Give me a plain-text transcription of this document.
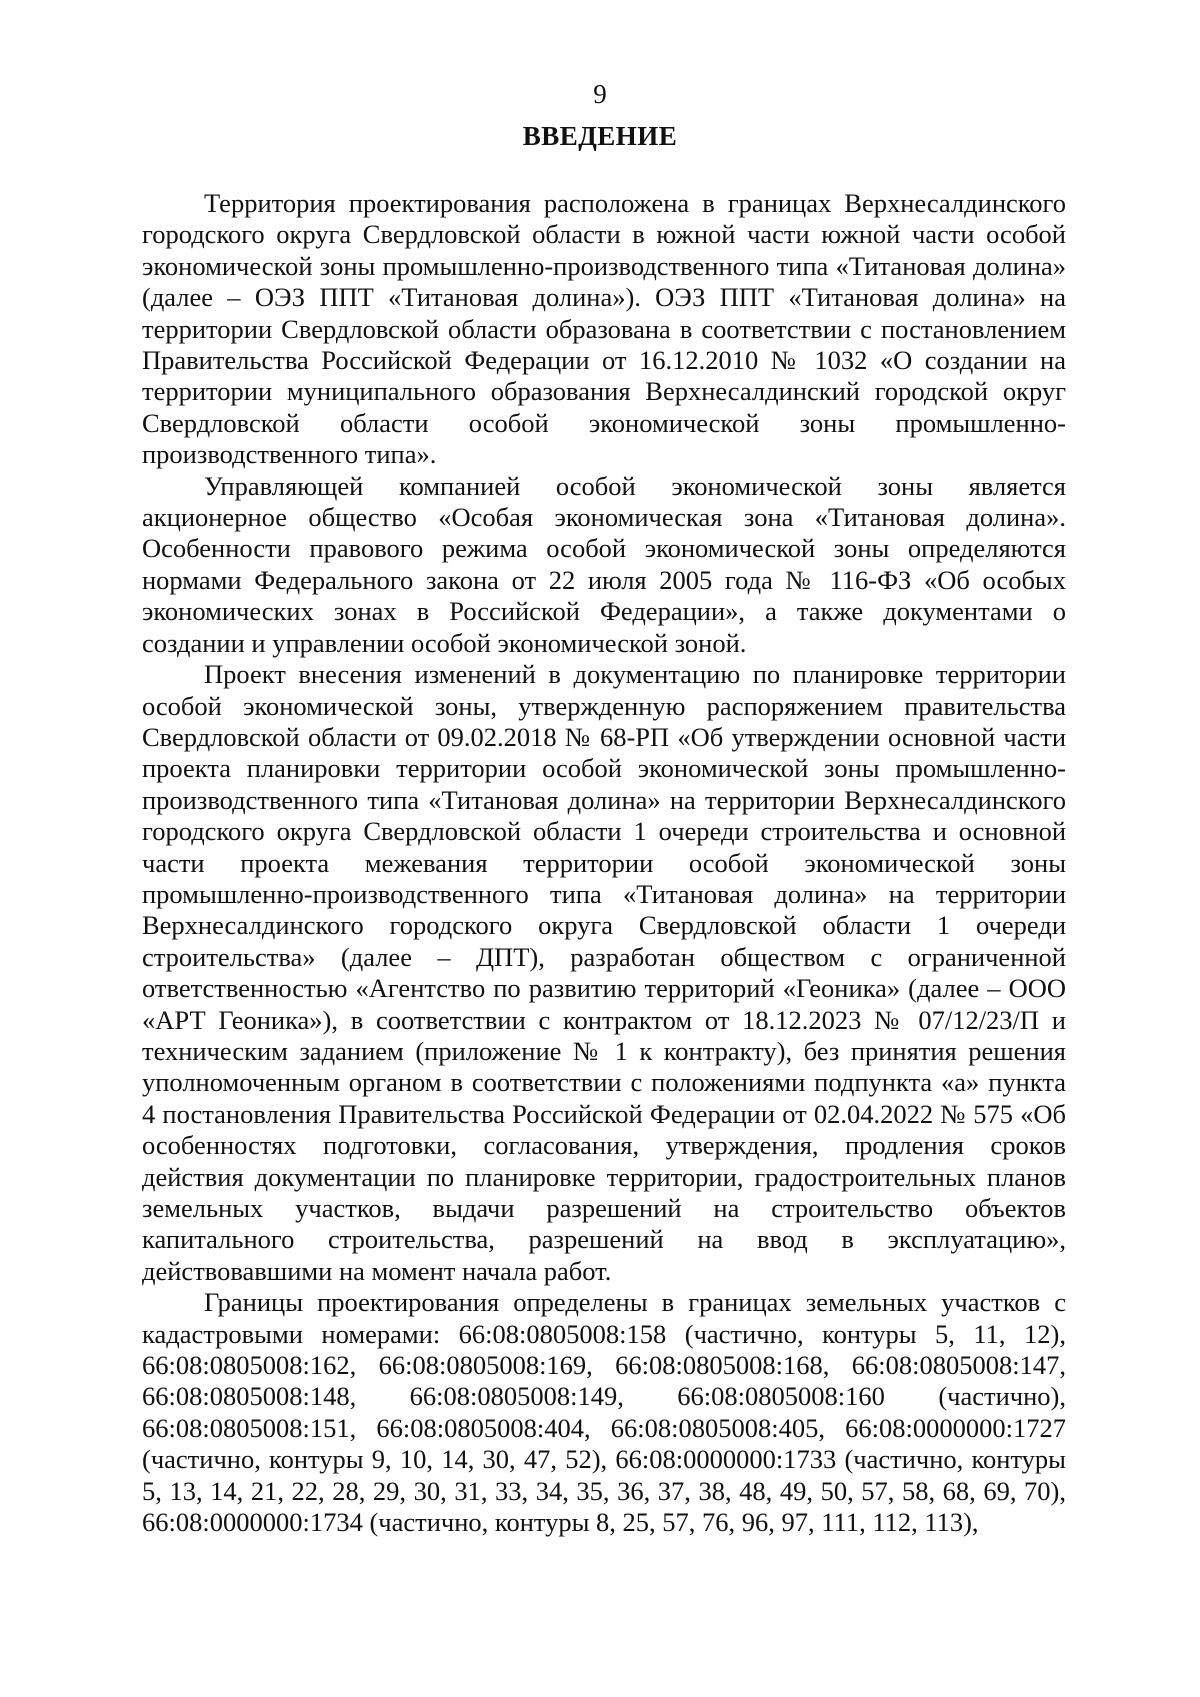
9
ВВЕДЕНИЕ

Территория проектирования расположена в границах Верхнесалдинского городского округа Свердловской области в южной части южной части особой экономической зоны промышленно-производственного типа «Титановая долина» (далее – ОЭЗ ППТ «Титановая долина»). ОЭЗ ППТ «Титановая долина» на территории Свердловской области образована в соответствии с постановлением Правительства Российской Федерации от 16.12.2010 № 1032 «О создании на территории муниципального образования Верхнесалдинский городской округ Свердловской области особой экономической зоны промышленно-производственного типа».

Управляющей компанией особой экономической зоны является акционерное общество «Особая экономическая зона «Титановая долина». Особенности правового режима особой экономической зоны определяются нормами Федерального закона от 22 июля 2005 года № 116-ФЗ «Об особых экономических зонах в Российской Федерации», а также документами о создании и управлении особой экономической зоной.

Проект внесения изменений в документацию по планировке территории особой экономической зоны, утвержденную распоряжением правительства Свердловской области от 09.02.2018 № 68-РП «Об утверждении основной части проекта планировки территории особой экономической зоны промышленно-производственного типа «Титановая долина» на территории Верхнесалдинского городского округа Свердловской области 1 очереди строительства и основной части проекта межевания территории особой экономической зоны промышленно-производственного типа «Титановая долина» на территории Верхнесалдинского городского округа Свердловской области 1 очереди строительства» (далее – ДПТ), разработан обществом с ограниченной ответственностью «Агентство по развитию территорий «Геоника» (далее – ООО «АРТ Геоника»), в соответствии с контрактом от 18.12.2023 № 07/12/23/П и техническим заданием (приложение № 1 к контракту), без принятия решения уполномоченным органом в соответствии с положениями подпункта «а» пункта 4 постановления Правительства Российской Федерации от 02.04.2022 № 575 «Об особенностях подготовки, согласования, утверждения, продления сроков действия документации по планировке территории, градостроительных планов земельных участков, выдачи разрешений на строительство объектов капитального строительства, разрешений на ввод в эксплуатацию», действовавшими на момент начала работ.

Границы проектирования определены в границах земельных участков с кадастровыми номерами: 66:08:0805008:158 (частично, контуры 5, 11, 12), 66:08:0805008:162, 66:08:0805008:169, 66:08:0805008:168, 66:08:0805008:147, 66:08:0805008:148, 66:08:0805008:149, 66:08:0805008:160 (частично), 66:08:0805008:151, 66:08:0805008:404, 66:08:0805008:405, 66:08:0000000:1727 (частично, контуры 9, 10, 14, 30, 47, 52), 66:08:0000000:1733 (частично, контуры 5, 13, 14, 21, 22, 28, 29, 30, 31, 33, 34, 35, 36, 37, 38, 48, 49, 50, 57, 58, 68, 69, 70), 66:08:0000000:1734 (частично, контуры 8, 25, 57, 76, 96, 97, 111, 112, 113),
